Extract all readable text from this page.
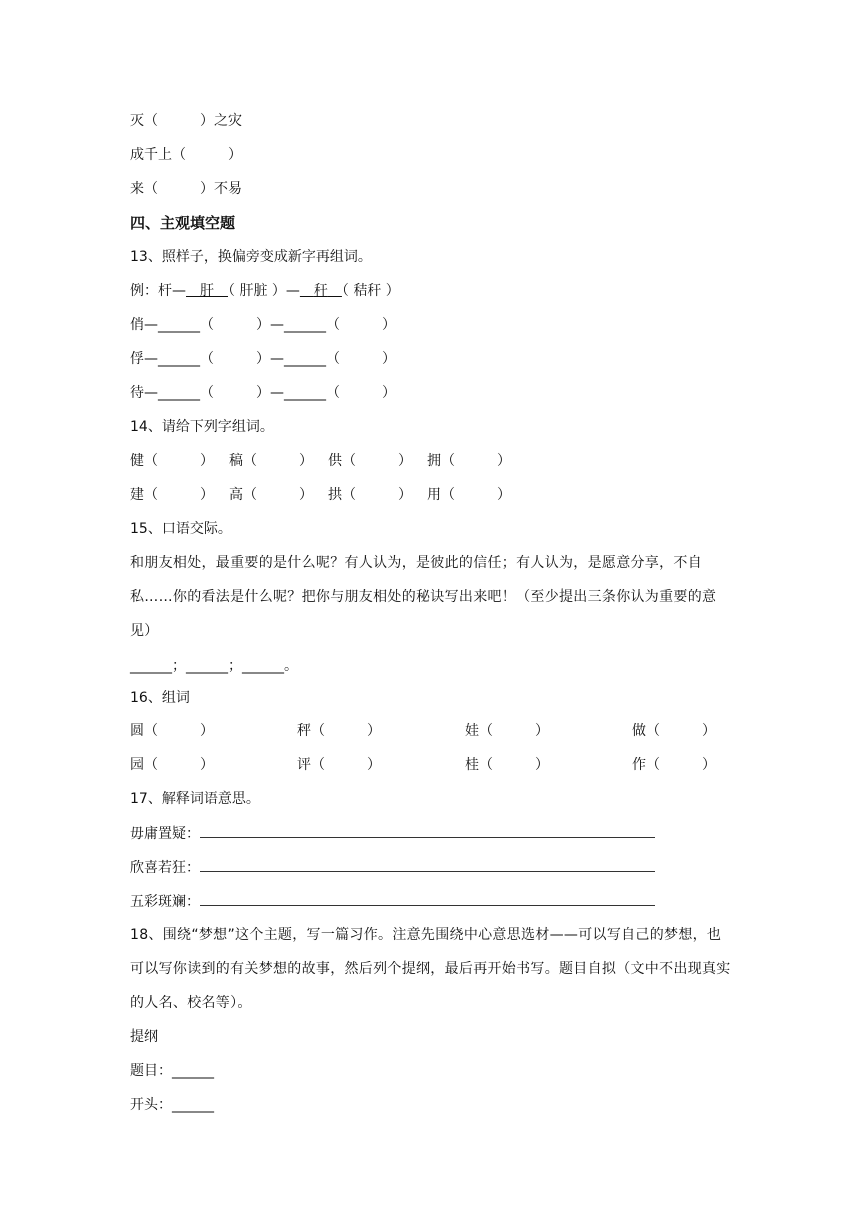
灭（　　　）之灾
成千上（　　　）
来（　　　）不易
四、主观填空题
13、照样子，换偏旁变成新字再组词。
例：杆—　 肝　 （ 肝脏 ）—　 秆　 （ 秸秆 ）
俏—______（　　　）—______（　　　）
俘—______（　　　）—______（　　　）
待—______（　　　）—______（　　　）
14、请给下列字组词。
健（　　　） 稿（　　　） 供（　　　） 拥（　　　）
建（　　　） 高（　　　） 拱（　　　） 用（　　　）
15、口语交际。
和朋友相处，最重要的是什么呢？有人认为，是彼此的信任；有人认为，是愿意分享，不自私……你的看法是什么呢？把你与朋友相处的秘诀写出来吧！（至少提出三条你认为重要的意见）
______；______；______。
16、组词
圆（　　　）	秤（　　　）	娃（　　　）	做（　　　）
园（　　　）	评（　　　）	桂（　　　）	作（　　　）
17、解释词语意思。
毋庸置疑：
欣喜若狂：
五彩斑斓：
18、围绕“梦想”这个主题，写一篇习作。注意先围绕中心意思选材——可以写自己的梦想，也可以写你读到的有关梦想的故事，然后列个提纲，最后再开始书写。题目自拟（文中不出现真实的人名、校名等）。
提纲
题目：______
开头：______
